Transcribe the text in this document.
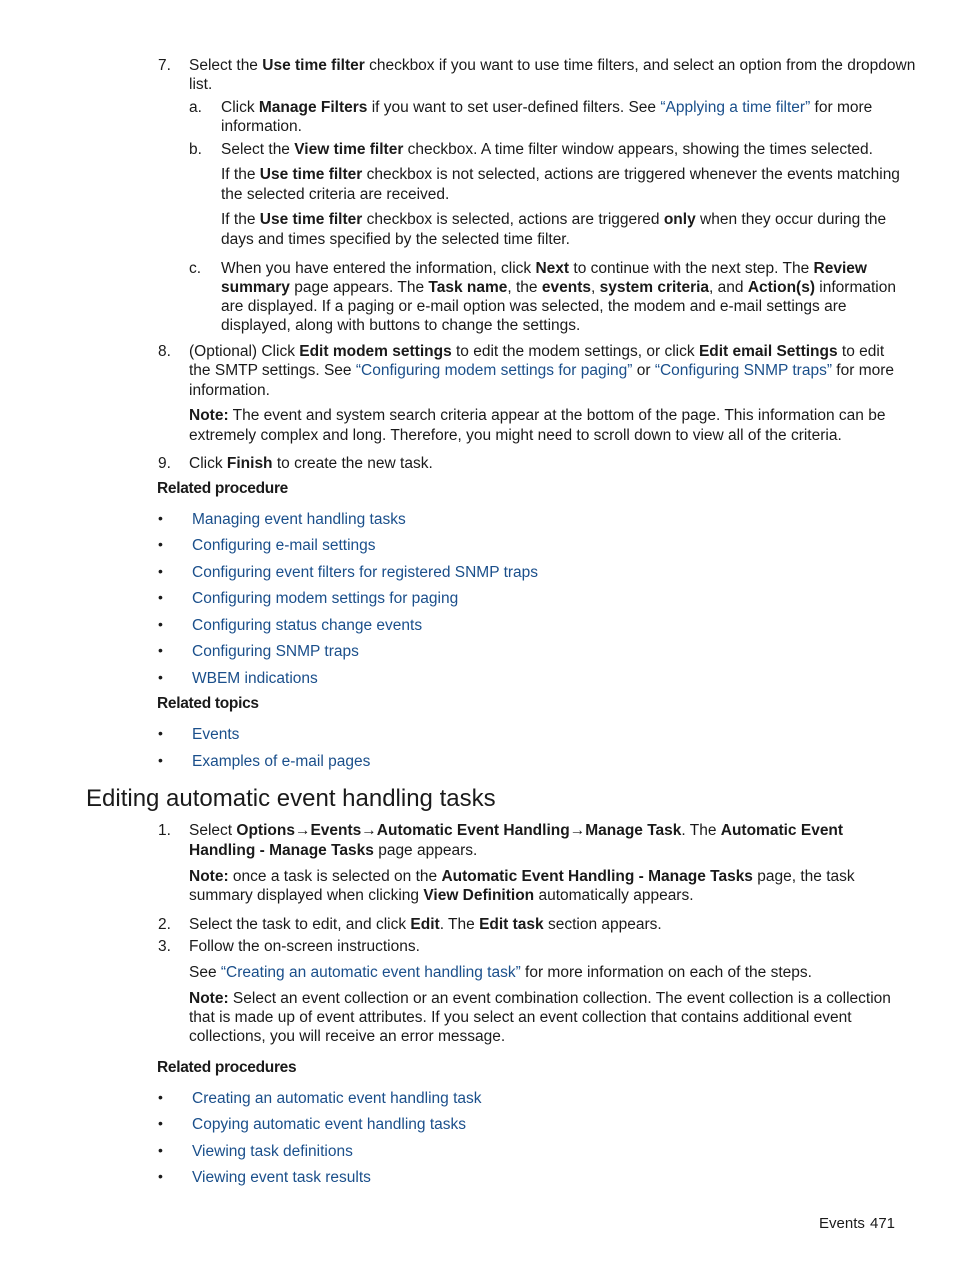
7. Select the Use time filter checkbox if you want to use time filters, and select an option from the dropdown
list.
a. Click Manage Filters if you want to set user-defined filters. See “Applying a time filter” for more
information.
b. Select the View time filter checkbox. A time filter window appears, showing the times selected.
If the Use time filter checkbox is not selected, actions are triggered whenever the events matching
the selected criteria are received.
If the Use time filter checkbox is selected, actions are triggered only when they occur during the
days and times specified by the selected time filter.
c. When you have entered the information, click Next to continue with the next step. The Review
summary page appears. The Task name, the events, system criteria, and Action(s) information
are displayed. If a paging or e-mail option was selected, the modem and e-mail settings are
displayed, along with buttons to change the settings.
8. (Optional) Click Edit modem settings to edit the modem settings, or click Edit email Settings to edit
the SMTP settings. See “Configuring modem settings for paging” or “Configuring SNMP traps” for more
information.
Note: The event and system search criteria appear at the bottom of the page. This information can be
extremely complex and long. Therefore, you might need to scroll down to view all of the criteria.
9. Click Finish to create the new task.
Related procedure
• Managing event handling tasks
• Configuring e-mail settings
• Configuring event filters for registered SNMP traps
• Configuring modem settings for paging
• Configuring status change events
• Configuring SNMP traps
• WBEM indications
Related topics
• Events
• Examples of e-mail pages
Editing automatic event handling tasks
1. Select Options→Events→Automatic Event Handling→Manage Task. The Automatic Event
Handling - Manage Tasks page appears.
Note: once a task is selected on the Automatic Event Handling - Manage Tasks page, the task
summary displayed when clicking View Definition automatically appears.
2. Select the task to edit, and click Edit. The Edit task section appears.
3. Follow the on-screen instructions.
See “Creating an automatic event handling task” for more information on each of the steps.
Note: Select an event collection or an event combination collection. The event collection is a collection
that is made up of event attributes. If you select an event collection that contains additional event
collections, you will receive an error message.
Related procedures
• Creating an automatic event handling task
• Copying automatic event handling tasks
• Viewing task definitions
• Viewing event task results
Events 471
